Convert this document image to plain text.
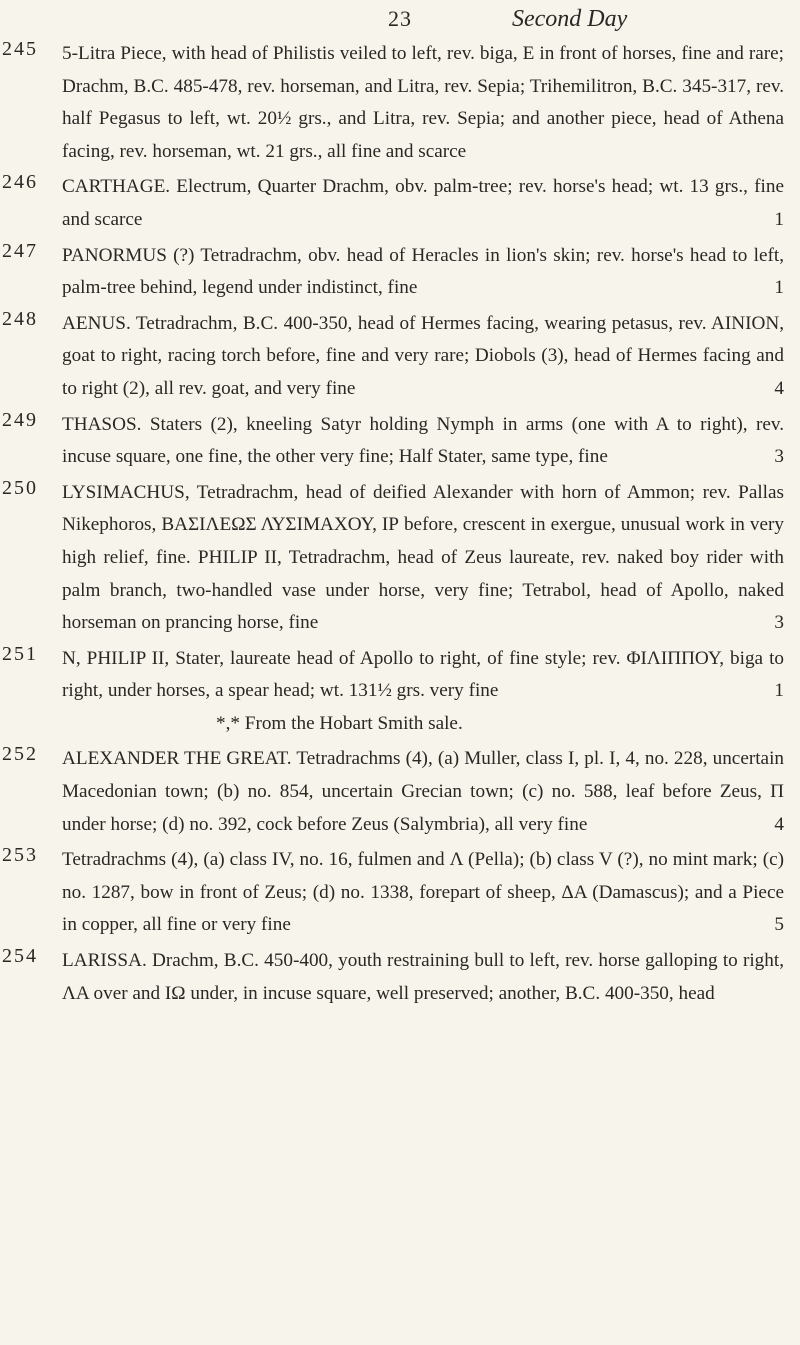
23	Second Day
245 5-Litra Piece, with head of Philistis veiled to left, rev. biga, E in front of horses, fine and rare; Drachm, B.C. 485-478, rev. horseman, and Litra, rev. Sepia; Trihemilitron, B.C. 345-317, rev. half Pegasus to left, wt. 20½ grs., and Litra, rev. Sepia; and another piece, head of Athena facing, rev. horseman, wt. 21 grs., all fine and scarce
246 CARTHAGE. Electrum, Quarter Drachm, obv. palm-tree; rev. horse's head; wt. 13 grs., fine and scarce	1
247 PANORMUS (?) Tetradrachm, obv. head of Heracles in lion's skin; rev. horse's head to left, palm-tree behind, legend under indistinct, fine	1
248 AENUS. Tetradrachm, B.C. 400-350, head of Hermes facing, wearing petasus, rev. AINION, goat to right, racing torch before, fine and very rare; Diobols (3), head of Hermes facing and to right (2), all rev. goat, and very fine	4
249 THASOS. Staters (2), kneeling Satyr holding Nymph in arms (one with A to right), rev. incuse square, one fine, the other very fine; Half Stater, same type, fine	3
250 LYSIMACHUS, Tetradrachm, head of deified Alexander with horn of Ammon; rev. Pallas Nikephoros, ΒΑΣΙΛΕΩΣ ΛΥΣΙΜΑΧΟΥ, ΙΡ before, crescent in exergue, unusual work in very high relief, fine. PHILIP II, Tetradrachm, head of Zeus laureate, rev. naked boy rider with palm branch, two-handled vase under horse, very fine; Tetrabol, head of Apollo, naked horseman on prancing horse, fine	3
251 N, PHILIP II, Stater, laureate head of Apollo to right, of fine style; rev. ΦΙΛΙΠΠΟΥ, biga to right, under horses, a spear head; wt. 131½ grs. very fine	1
*,* From the Hobart Smith sale.
252 ALEXANDER THE GREAT. Tetradrachms (4), (a) Muller, class I, pl. I, 4, no. 228, uncertain Macedonian town; (b) no. 854, uncertain Grecian town; (c) no. 588, leaf before Zeus, Π under horse; (d) no. 392, cock before Zeus (Salymbria), all very fine	4
253 Tetradrachms (4), (a) class IV, no. 16, fulmen and Λ (Pella); (b) class V (?), no mint mark; (c) no. 1287, bow in front of Zeus; (d) no. 1338, forepart of sheep, ΔΑ (Damascus); and a Piece in copper, all fine or very fine	5
254 LARISSA. Drachm, B.C. 450-400, youth restraining bull to left, rev. horse galloping to right, ΛΑ over and ΙΩ under, in incuse square, well preserved; another, B.C. 400-350, head
